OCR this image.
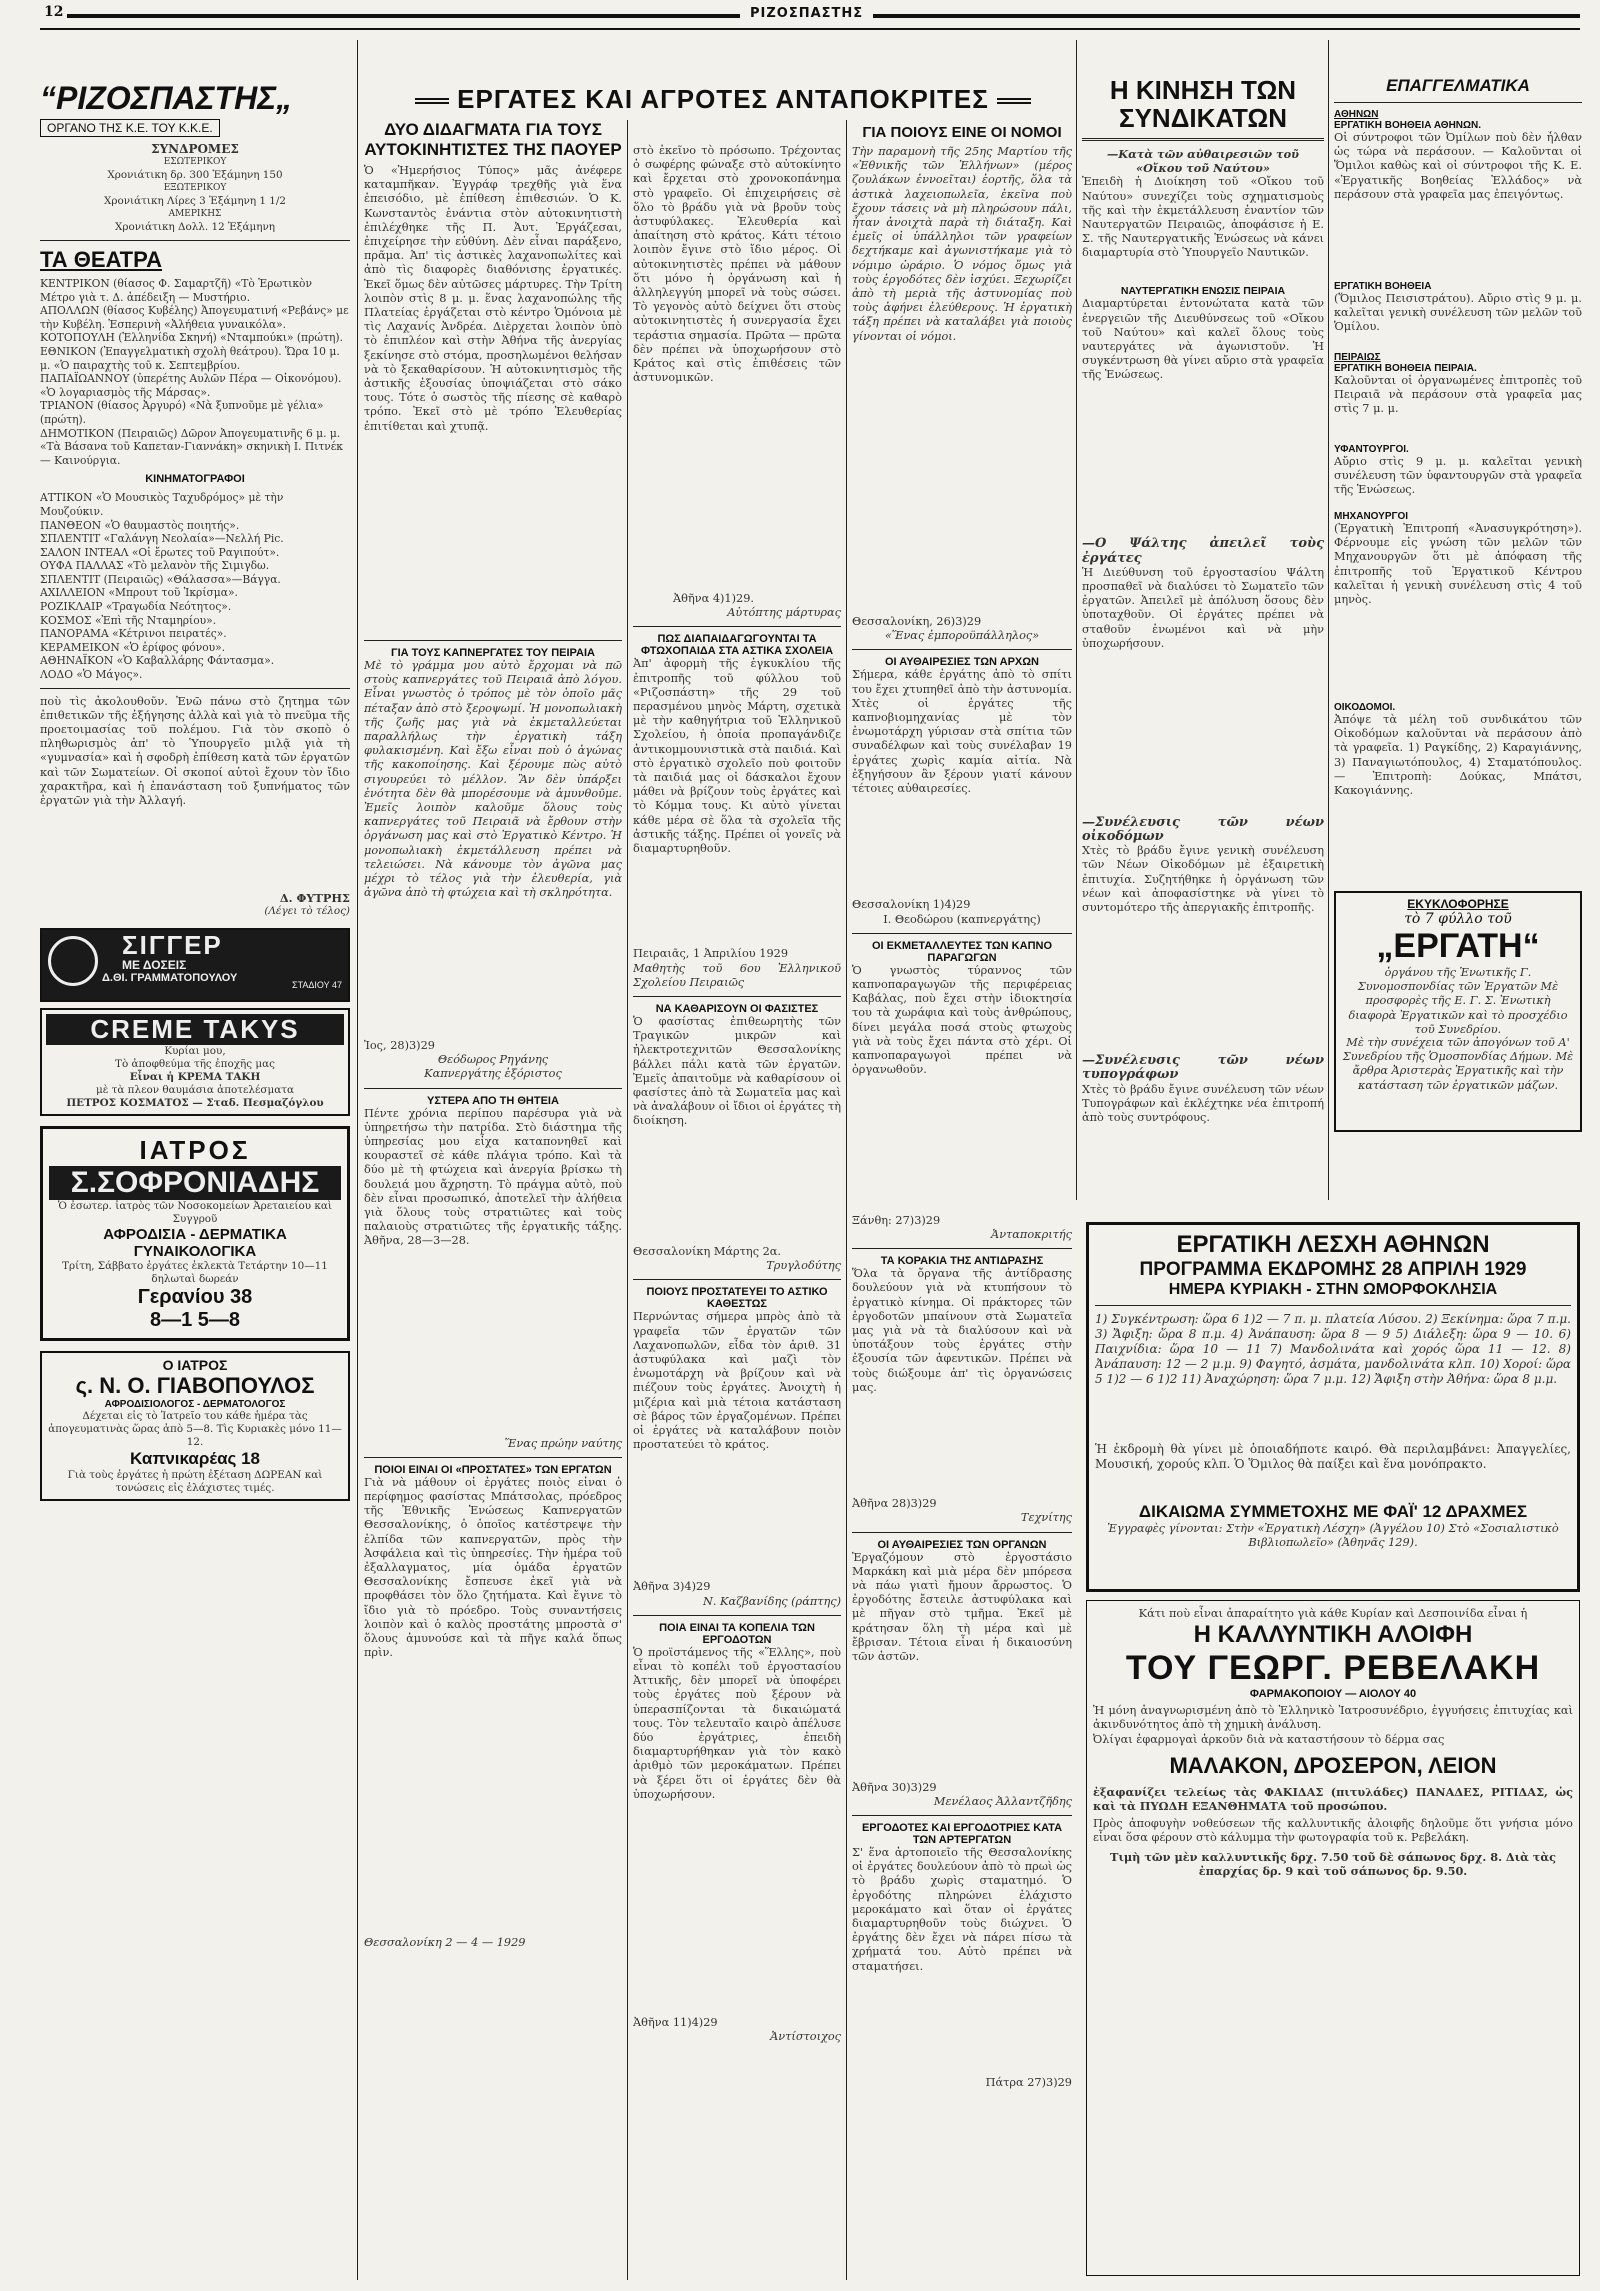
12	ΡΙΖΟΣΠΑΣΤΗΣ
ΕΡΓΑΤΕΣ ΚΑΙ ΑΓΡΟΤΕΣ ΑΝΤΑΠΟΚΡΙΤΕΣ
“ΡΙΖΟΣΠΑΣΤΗΣ„
ΟΡΓΑΝΟ ΤΗΣ Κ.Ε. ΤΟΥ Κ.Κ.Ε.
ΣΥΝΔΡΟΜΕΣ
ΕΣΩΤΕΡΙΚΟΥ
Χρονιάτικη δρ. 300 Ἑξάμηνη 150
ΕΞΩΤΕΡΙΚΟΥ
Χρονιάτικη Λίρες 3 Ἑξάμηνη 1 1/2
ΑΜΕΡΙΚΗΣ
Χρονιάτικη Δολλ. 12 Ἑξάμηνη
ΤΑ ΘΕΑΤΡΑ
ΚΕΝΤΡΙΚΟΝ (θίασος Φ. Σαμαρτζῆ) «Τὸ Ἑρωτικὸν Μέτρο γιὰ τ. Δ. ἀπέδειξη — Μυστήριο.
ΑΠΟΛΛΩΝ (θίασος Κυβέλης) Ἀπογευματινή «Ρεβάνς» με τὴν Κυβέλη. Ἑσπερινὴ «Ἀλήθεια γυναικόλα».
ΚΟΤΟΠΟΥΛΗ (Ἑλληνίδα Σκηνή) «Νταμπούκι» (πρώτη).
ΕΘΝΙΚΟΝ (Ἐπαγγελματικὴ σχολὴ θεάτρου). Ὥρα 10 μ. μ. «Ὁ παιραχτὴς τοῦ κ. Σεπτεμβρίου.
ΠΑΠΑΪΩΑΝΝΟΥ (ὑπερέτης Αυλῶν Πέρα — Οἰκονόμου). «Ὁ λογαριασμὸς τῆς Μάρσας».
ΤΡΙΑΝΟΝ (θίασος Ἀργυρό) «Νὰ ξυπνοῦμε μὲ γέλια» (πρώτη).
ΔΗΜΟΤΙΚΟΝ (Πειραιῶς) Δῶρον Ἀπογευματινῆς 6 μ. μ. «Τὰ Βάσανα τοῦ Καπεταν-Γιαννάκη» σκηνικὴ Ι. Πιτνέκ— Καινούργια.
ΚΙΝΗΜΑΤΟΓΡΑΦΟΙ
ΑΤΤΙΚΟΝ «Ὁ Μουσικὸς Ταχυδρόμος» μὲ τὴν Μουζούκιν.
ΠΑΝΘΕΟΝ «Ὁ θαυμαστὸς ποιητής».
ΣΠΛΕΝΤΙΤ «Γαλάνγη Νεολαία»—Νελλή Pic.
ΣΑΛΟΝ ΙΝΤΕΑΛ «Οἱ ἔρωτες τοῦ Ραγιπούτ».
ΟΥΦΑ ΠΑΛΛΑΣ «Τὸ μελανὸν τῆς Σιμιγδω.
ΣΠΛΕΝΤΙΤ (Πειραιῶς) «Θάλασσα»—Βάγγα.
ΑΧΙΛΛΕΙΟΝ «Μπρουτ τοῦ Ἰκρίσμα».
ΡΟΖΙΚΛΑΙΡ «Τραγωδία Νεότητος».
ΚΟΣΜΟΣ «Ἐπὶ τῆς Νταμηρίου».
ΠΑΝΟΡΑΜΑ «Κέτρινοι πειρατές».
ΚΕΡΑΜΕΙΚΟΝ «Ὁ ἑρίφος φόνου».
ΑΘΗΝΑΪΚΟΝ «Ὁ Καβαλλάρης Φάντασμα».
ΛΟΔΟ «Ὁ Μάγος».
ποὺ τὶς ἀκολουθοῦν. Ἐνῶ πάνω στὸ ζητημα τῶν ἐπιθετικῶν τῆς ἐξήγησης ἀλλὰ καὶ γιὰ τὸ πνεῦμα τῆς προετοιμασίας τοῦ πολέμου. Γιὰ τὸν σκοπὸ ὁ πληθωρισμὸς ἀπ' τὸ Ὑπουργεῖο μιλᾷ γιὰ τὴ «γυμνασία» καὶ ἡ σφοδρὴ ἐπίθεση κατὰ τῶν ἐργατῶν καὶ τῶν Σωματείων. Οἱ σκοποί αὐτοὶ ἔχουν τὸν ἴδιο χαρακτῆρα, καὶ ἡ ἐπανάσταση τοῦ ξυπνήματος τῶν ἐργατῶν γιὰ τὴν Ἀλλαγή.
Δ. ΦΥΤΡΗΣ
(Λέγει τὸ τέλος)
ΣΙΓΓΕΡ
ΜΕ ΔΟΣΕΙΣ
Δ.ΘΙ. ΓΡΑΜΜΑΤΟΠΟΥΛΟΥ
ΣΤΑΔΙΟΥ 47
CREME TAKYS
Κυρίαι μου,
Τὸ ἀποφθεύμα τῆς ἐποχῆς μας
Εἶναι ἡ ΚΡΕΜΑ ΤΑΚΗ
μὲ τὰ πλεον θαυμάσια ἀποτελέσματα
ΠΕΤΡΟΣ ΚΟΣΜΑΤΟΣ — Σταδ. Πεσμαζόγλου
ΙΑΤΡΟΣ
Σ.ΣΟΦΡΟΝΙΑΔΗΣ
Ὁ ἐσωτερ. ἰατρὸς τῶν Νοσοκομείων Ἀρεταιείου καὶ Συγγροῦ
ΑΦΡΟΔΙΣΙΑ - ΔΕΡΜΑΤΙΚΑ
ΓΥΝΑΙΚΟΛΟΓΙΚΑ
Τρίτη, Σάββατο ἐργάτες ἐκλεκτὰ Τετάρτην 10—11 δηλωταὶ δωρεάν
Γερανίου 38
8—1 5—8
Ο ΙΑΤΡΟΣ
ς. Ν. Ο. ΓΙΑΒΟΠΟΥΛΟΣ
ΑΦΡΟΔΙΣΙΟΛΟΓΟΣ - ΔΕΡΜΑΤΟΛΟΓΟΣ
Δέχεται εἰς τὸ Ἰατρεῖο του κάθε ἡμέρα τὰς ἀπογευματινὰς ὥρας ἀπὸ 5—8. Τὶς Κυριακὲς μόνο 11—12.
Καπνικαρέας 18
Γιὰ τοὺς ἐργάτες ἡ πρώτη ἐξέταση ΔΩΡΕΑΝ καὶ τονώσεις εἰς ἐλάχιστες τιμές.
ΔΥΟ ΔΙΔΑΓΜΑΤΑ ΓΙΑ ΤΟΥΣ
ΑΥΤΟΚΙΝΗΤΙΣΤΕΣ ΤΗΣ ΠΑΟΥΕΡ
Ὁ «Ἡμερήσιος Τύπος» μᾶς ἀνέφερε καταμπῆκαν. Ἐγγράφ τρεχθῆς γιὰ ἕνα ἐπεισόδιο, μὲ ἐπίθεση ἐπιθεσιών. Ὁ Κ. Κωνσταντὸς ἐνάντια στὸν αὐτοκινητιστὴ ἐπιλέχθηκε τῆς Π. Ἀυτ. Ἐργάζεσαι, ἐπιχείρησε τὴν εὐθύνη. Δὲν εἶναι παράξενο, πρᾶμα. Ἀπ' τὶς ἀστικὲς λαχανοπωλίτες καὶ ἀπὸ τὶς διαφορὲς διαθόνισης ἐργατικές. Ἐκεῖ ὅμως δὲν αὐτῶσες μάρτυρες. Τὴν Τρίτη λοιπὸν στὶς 8 μ. μ. ἕνας λαχανοπώλης τῆς Πλατείας ἐργάζεται στὸ κέντρο Ὁμόνοια μὲ τὶς Λαχανίς Ἀνδρέα. Διὲρχεται λοιπὸν ὑπὸ τὸ ἐπιπλέον καὶ στὴν Ἀθήνα τῆς ἀνεργίας ξεκίνησε στὸ στόμα, προσηλωμένοι θελήσαν νὰ τὸ ξεκαθαρίσουν. Ἡ αὐτοκινητισμὸς τῆς ἀστικῆς ἐξουσίας ὑποψιάζεται στὸ σάκο τους. Τότε ὁ σωστὸς τῆς πίεσης σὲ καθαρὸ τρόπο. Ἐκεῖ στὸ μὲ τρόπο Ἐλευθερίας ἐπιτίθεται καὶ χτυπᾷ.
ΓΙΑ ΤΟΥΣ ΚΑΠΝΕΡΓΑΤΕΣ ΤΟΥ ΠΕΙΡΑΙΑ
Μὲ τὸ γράμμα μου αὐτὸ ἔρχομαι νὰ πῶ στοὺς καπνεργάτες τοῦ Πειραιᾶ ἀπὸ λόγου. Εἶναι γνωστὸς ὁ τρόπος μὲ τὸν ὁποῖο μᾶς πέταξαν ἀπὸ στὸ ξεροψωμί. Ἡ μονοπωλιακὴ τῆς ζωῆς μας γιὰ νὰ ἐκμεταλλεύεται παραλλήλως τὴν ἐργατικὴ τάξη φυλακισμένη. Καὶ ἔξω εἶναι ποὺ ὁ ἀγώνας τῆς κακοποίησης. Καὶ ξέρουμε πὼς αὐτὸ σιγουρεύει τὸ μέλλον. Ἂν δὲν ὑπάρξει ἐνότητα δὲν θὰ μπορέσουμε νὰ ἀμυνθοῦμε. Ἐμεῖς λοιπὸν καλοῦμε ὅλους τοὺς καπνεργάτες τοῦ Πειραιᾶ νὰ ἔρθουν στὴν ὀργάνωση μας καὶ στὸ Ἐργατικὸ Κέντρο. Ἡ μονοπωλιακὴ ἐκμετάλλευση πρέπει νὰ τελειώσει. Νὰ κάνουμε τὸν ἀγῶνα μας μέχρι τὸ τέλος γιὰ τὴν ἐλευθερία, γιὰ ἀγῶνα ἀπὸ τὴ φτώχεια καὶ τὴ σκληρότητα.
Ἰος, 28)3)29
Θεόδωρος Ρηγάνης
Καπνεργάτης ἐξόριστος
ΥΣΤΕΡΑ ΑΠΟ ΤΗ ΘΗΤΕΙΑ
Πέντε χρόνια περίπου παρέσυρα γιὰ νὰ ὑπηρετήσω τὴν πατρίδα. Στὸ διάστημα τῆς ὑπηρεσίας μου εἶχα καταπονηθεῖ καὶ κουραστεῖ σὲ κάθε πλάγια τρόπο. Καὶ τὰ δύο μὲ τὴ φτώχεια καὶ ἀνεργία βρίσκω τὴ δουλειά μου ἄχρηστη. Τὸ πράγμα αὐτὸ, ποὺ δὲν εἶναι προσωπικό, ἀποτελεῖ τὴν ἀλήθεια γιὰ ὅλους τοὺς στρατιῶτες καὶ τοὺς παλαιοὺς στρατιῶτες τῆς ἐργατικῆς τάξης. Ἀθῆνα, 28—3—28.
Ἕνας πρώην ναύτης
ΠΟΙΟΙ ΕΙΝΑΙ ΟΙ «ΠΡΟΣΤΑΤΕΣ» ΤΩΝ ΕΡΓΑΤΩΝ
Γιὰ νὰ μάθουν οἱ ἐργάτες ποιὸς εἶναι ὁ περίφημος φασίστας Μπάτσολας, πρόεδρος τῆς Ἐθνικῆς Ἑνώσεως Καπνεργατῶν Θεσσαλονίκης, ὁ ὁποῖος κατέστρεψε τὴν ἐλπίδα τῶν καπνεργατῶν, πρὸς τὴν Ἀσφάλεια καὶ τὶς ὑπηρεσίες. Τὴν ἡμέρα τοῦ ἐξαλλαγματος, μία ὁμάδα ἐργατῶν Θεσσαλονίκης ἔσπευσε ἐκεῖ γιὰ νὰ προφθάσει τὸν ὅλο ζητήματα. Καὶ ἔγινε τὸ ἴδιο γιὰ τὸ πρόεδρο. Τοὺς συναντήσεις λοιπὸν καὶ ὁ καλὸς προστάτης μπροστὰ σ' ὅλους ἀμυνούσε καὶ τὰ πῆγε καλά ὅπως πρὶν.
Θεσσαλονίκη 2 — 4 — 1929
στὸ ἐκεῖνο τὸ πρόσωπο. Τρέχοντας ὁ σωφέρης φώναξε στὸ αὐτοκίνητο καὶ ἔρχεται στὸ χρονοκοπάνημα στὸ γραφεῖο. Οἱ ἐπιχειρήσεις σὲ ὅλο τὸ βράδυ γιὰ νὰ βροῦν τοὺς ἀστυφύλακες. Ἐλευθερία καὶ ἀπαίτηση στὸ κράτος. Κάτι τέτοιο λοιπὸν ἔγινε στὸ ἴδιο μέρος. Οἱ αὐτοκινητιστὲς πρέπει νὰ μάθουν ὅτι μόνο ἡ ὀργάνωση καὶ ἡ ἀλληλεγγύη μπορεῖ νὰ τοὺς σώσει. Τὸ γεγονὸς αὐτὸ δείχνει ὅτι στοὺς αὐτοκινητιστὲς ἡ συνεργασία ἔχει τεράστια σημασία. Πρῶτα — πρῶτα δὲν πρέπει νὰ ὑποχωρήσουν στὸ Κράτος καὶ στὶς ἐπιθέσεις τῶν ἀστυνομικῶν.
Ἀθῆνα 4)1)29.
Αὐτόπτης μάρτυρας
ΠΩΣ ΔΙΑΠΑΙΔΑΓΩΓΟΥΝΤΑΙ ΤΑ ΦΤΩΧΟΠΑΙΔΑ ΣΤΑ ΑΣΤΙΚΑ ΣΧΟΛΕΙΑ
Ἀπ' ἀφορμὴ τῆς ἐγκυκλίου τῆς ἐπιτροπῆς τοῦ φύλλου τοῦ «Ριζοσπάστη» τῆς 29 τοῦ περασμένου μηνὸς Μάρτη, σχετικὰ μὲ τὴν καθηγήτρια τοῦ Ἑλληνικοῦ Σχολείου, ἡ ὁποία προπαγάνδιζε ἀντικομμουνιστικὰ στὰ παιδιά. Καὶ στὸ ἐργατικὸ σχολεῖο ποὺ φοιτοῦν τὰ παιδιά μας οἱ δάσκαλοι ἔχουν μάθει νὰ βρίζουν τοὺς ἐργάτες καὶ τὸ Κόμμα τους. Κι αὐτὸ γίνεται κάθε μέρα σὲ ὅλα τὰ σχολεῖα τῆς ἀστικῆς τάξης. Πρέπει οἱ γονεῖς νὰ διαμαρτυρηθοῦν.
Πειραιᾶς, 1 Ἀπριλίου 1929
Μαθητὴς τοῦ 6ου Ἑλληνικοῦ Σχολείου Πειραιῶς
ΝΑ ΚΑΘΑΡΙΣΟΥΝ ΟΙ ΦΑΣΙΣΤΕΣ
Ὁ φασίστας ἐπιθεωρητὴς τῶν Τραγικῶν μικρῶν καὶ ἠλεκτροτεχνιτῶν Θεσσαλονίκης βάλλει πάλι κατὰ τῶν ἐργατῶν. Ἐμεῖς ἀπαιτοῦμε νὰ καθαρίσουν οἱ φασίστες ἀπὸ τὰ Σωματεῖα μας καὶ νὰ ἀναλάβουν οἱ ἴδιοι οἱ ἐργάτες τὴ διοίκηση.
Θεσσαλονίκη Μάρτης 2α.
Τρυγλοδύτης
ΠΟΙΟΥΣ ΠΡΟΣΤΑΤΕΥΕΙ ΤΟ ΑΣΤΙΚΟ ΚΑΘΕΣΤΩΣ
Περνώντας σήμερα μπρὸς ἀπὸ τὰ γραφεῖα τῶν ἐργατῶν τῶν Λαχανοπωλῶν, εἶδα τὸν ἀριθ. 31 ἀστυφύλακα καὶ μαζὶ τὸν ἐνωμοτάρχη νὰ βρίζουν καὶ νὰ πιέζουν τοὺς ἐργάτες. Ἀνοιχτὴ ἡ μιζέρια καὶ μιὰ τέτοια κατάσταση σὲ βάρος τῶν ἐργαζομένων. Πρέπει οἱ ἐργάτες νὰ καταλάβουν ποιὸν προστατεύει τὸ κράτος.
Ἀθῆνα 3)4)29
Ν. Καζβανίδης (ράπτης)
ΠΟΙΑ ΕΙΝΑΙ ΤΑ ΚΟΠΕΛΙΑ ΤΩΝ ΕΡΓΟΔΟΤΩΝ
Ὁ προϊστάμενος τῆς «Ἕλλης», ποὺ εἶναι τὸ κοπέλι τοῦ ἐργοστασίου Ἀττικῆς, δὲν μπορεῖ νὰ ὑποφέρει τοὺς ἐργάτες ποὺ ξέρουν νὰ ὑπερασπίζονται τὰ δικαιώματά τους. Τὸν τελευταῖο καιρὸ ἀπέλυσε δύο ἐργάτριες, ἐπειδὴ διαμαρτυρήθηκαν γιὰ τὸν κακὸ ἀριθμὸ τῶν μεροκάματων. Πρέπει νὰ ξέρει ὅτι οἱ ἐργάτες δὲν θὰ ὑποχωρήσουν.
Ἀθῆνα 11)4)29
Ἀντίστοιχος
ΓΙΑ ΠΟΙΟΥΣ ΕΙΝΕ ΟΙ ΝΟΜΟΙ
Τὴν παραμονὴ τῆς 25ης Μαρτίου τῆς «Ἐθνικῆς τῶν Ἑλλήνων» (μέρος ζουλάκων ἐννοεῖται) ἑορτῆς, ὅλα τὰ ἀστικὰ λαχειοπωλεῖα, ἐκεῖνα ποὺ ἔχουν τάσεις νὰ μὴ πληρώσουν πάλι, ἦταν ἀνοιχτὰ παρὰ τὴ διάταξη. Καὶ ἐμεῖς οἱ ὑπάλληλοι τῶν γραφείων δεχτήκαμε καὶ ἀγωνιστήκαμε γιὰ τὸ νόμιμο ὡράριο. Ὁ νόμος ὅμως γιὰ τοὺς ἐργοδότες δὲν ἰσχύει. Ξεχωρίζει ἀπὸ τὴ μεριὰ τῆς ἀστυνομίας ποὺ τοὺς ἀφήνει ἐλεύθερους. Ἡ ἐργατικὴ τάξη πρέπει νὰ καταλάβει γιὰ ποιοὺς γίνονται οἱ νόμοι.
Θεσσαλονίκη, 26)3)29
«Ἕνας ἐμποροϋπάλληλος»
ΟΙ ΑΥΘΑΙΡΕΣΙΕΣ ΤΩΝ ΑΡΧΩΝ
Σήμερα, κάθε ἐργάτης ἀπὸ τὸ σπίτι του ἔχει χτυπηθεῖ ἀπὸ τὴν ἀστυνομία. Χτὲς οἱ ἐργάτες τῆς καπνοβιομηχανίας μὲ τὸν ἐνωμοτάρχη γύρισαν στὰ σπίτια τῶν συναδέλφων καὶ τοὺς συνέλαβαν 19 ἐργάτες χωρὶς καμία αἰτία. Νὰ ἐξηγήσουν ἂν ξέρουν γιατί κάνουν τέτοιες αὐθαιρεσίες.
Θεσσαλονίκη 1)4)29
Ι. Θεοδώρου (καπνεργάτης)
ΟΙ ΕΚΜΕΤΑΛΛΕΥΤΕΣ ΤΩΝ ΚΑΠΝΟ ΠΑΡΑΓΩΓΩΝ
Ὁ γνωστὸς τύραννος τῶν καπνοπαραγωγῶν τῆς περιφέρειας Καβάλας, ποὺ ἔχει στὴν ἰδιοκτησία του τὰ χωράφια καὶ τοὺς ἀνθρώπους, δίνει μεγάλα ποσά στοὺς φτωχοὺς γιὰ νὰ τοὺς ἔχει πάντα στὸ χέρι. Οἱ καπνοπαραγωγοὶ πρέπει νὰ ὀργανωθοῦν.
Ξάνθη: 27)3)29
Ἀνταποκριτής
ΤΑ ΚΟΡΑΚΙΑ ΤΗΣ ΑΝΤΙΔΡΑΣΗΣ
Ὅλα τὰ ὄργανα τῆς ἀντίδρασης δουλεύουν γιὰ νὰ κτυπήσουν τὸ ἐργατικὸ κίνημα. Οἱ πράκτορες τῶν ἐργοδοτῶν μπαίνουν στὰ Σωματεῖα μας γιὰ νὰ τὰ διαλύσουν καὶ νὰ ὑποτάξουν τοὺς ἐργάτες στὴν ἐξουσία τῶν ἀφεντικῶν. Πρέπει νὰ τοὺς διώξουμε ἀπ' τὶς ὀργανώσεις μας.
Ἀθῆνα 28)3)29
Τεχνίτης
ΟΙ ΑΥΘΑΙΡΕΣΙΕΣ ΤΩΝ ΟΡΓΑΝΩΝ
Ἐργαζόμουν στὸ ἐργοστάσιο Μαρκάκη καὶ μιὰ μέρα δὲν μπόρεσα νὰ πάω γιατὶ ἤμουν ἄρρωστος. Ὁ ἐργοδότης ἔστειλε ἀστυφύλακα καὶ μὲ πῆγαν στὸ τμῆμα. Ἐκεῖ μὲ κράτησαν ὅλη τὴ μέρα καὶ μὲ ἔβρισαν. Τέτοια εἶναι ἡ δικαιοσύνη τῶν ἀστῶν.
Ἀθῆνα 30)3)29
Μενέλαος Ἀλλαντζῆδης
ΕΡΓΟΔΟΤΕΣ ΚΑΙ ΕΡΓΟΔΟΤΡΙΕΣ ΚΑΤΑ ΤΩΝ ΑΡΤΕΡΓΑΤΩΝ
Σ' ἕνα ἀρτοποιεῖο τῆς Θεσσαλονίκης οἱ ἐργάτες δουλεύουν ἀπὸ τὸ πρωὶ ὡς τὸ βράδυ χωρὶς σταματημό. Ὁ ἐργοδότης πληρώνει ἐλάχιστο μεροκάματο καὶ ὅταν οἱ ἐργάτες διαμαρτυρηθοῦν τοὺς διώχνει. Ὁ ἐργάτης δὲν ἔχει νὰ πάρει πίσω τὰ χρήματά του. Αὐτὸ πρέπει νὰ σταματήσει.
Πάτρα 27)3)29
Η ΚΙΝΗΣΗ ΤΩΝ
ΣΥΝΔΙΚΑΤΩΝ
—Κατὰ τῶν αὐθαιρεσιῶν τοῦ «Οἴκου τοῦ Ναύτου»
Ἐπειδὴ ἡ Διοίκηση τοῦ «Οἴκου τοῦ Ναύτου» συνεχίζει τοὺς σχηματισμοὺς τῆς καὶ τὴν ἐκμετάλλευση ἐναντίον τῶν Ναυτεργατῶν Πειραιῶς, ἀποφάσισε ἡ Ε. Σ. τῆς Ναυτεργατικῆς Ἑνώσεως νὰ κάνει διαμαρτυρία στὸ Ὑπουργεῖο Ναυτικῶν.
ΝΑΥΤΕΡΓΑΤΙΚΗ ΕΝΩΣΙΣ ΠΕΙΡΑΙΑ
Διαμαρτύρεται ἐντονώτατα κατὰ τῶν ἐνεργειῶν τῆς Διευθύνσεως τοῦ «Οἴκου τοῦ Ναύτου» καὶ καλεῖ ὅλους τοὺς ναυτεργάτες νὰ ἀγωνιστοῦν. Ἡ συγκέντρωση θὰ γίνει αὔριο στὰ γραφεῖα τῆς Ἑνώσεως.
—Ο Ψάλτης ἀπειλεῖ τοὺς ἐργάτες
Ἡ Διεύθυνση τοῦ ἐργοστασίου Ψάλτη προσπαθεῖ νὰ διαλύσει τὸ Σωματεῖο τῶν ἐργατῶν. Ἀπειλεῖ μὲ ἀπόλυση ὅσους δὲν ὑποταχθοῦν. Οἱ ἐργάτες πρέπει νὰ σταθοῦν ἑνωμένοι καὶ νὰ μὴν ὑποχωρήσουν.
—Συνέλευσις τῶν νέων οἰκοδόμων
Χτὲς τὸ βράδυ ἔγινε γενικὴ συνέλευση τῶν Νέων Οἰκοδόμων μὲ ἐξαιρετικὴ ἐπιτυχία. Συζητήθηκε ἡ ὀργάνωση τῶν νέων καὶ ἀποφασίστηκε νὰ γίνει τὸ συντομότερο τῆς ἀπεργιακῆς ἐπιτροπῆς.
—Συνέλευσις τῶν νέων τυπογράφων
Χτὲς τὸ βράδυ ἔγινε συνέλευση τῶν νέων Τυπογράφων καὶ ἐκλέχτηκε νέα ἐπιτροπή ἀπὸ τοὺς συντρόφους.
ΕΠΑΓΓΕΛΜΑΤΙΚΑ
ΑΘΗΝΩΝ
ΕΡΓΑΤΙΚΗ ΒΟΗΘΕΙΑ ΑΘΗΝΩΝ.
Οἱ σύντροφοι τῶν Ὀμίλων ποὺ δὲν ἦλθαν ὡς τώρα νὰ περάσουν. — Καλοῦνται οἱ Ὅμιλοι καθὼς καὶ οἱ σύντροφοι τῆς Κ. Ε. «Ἐργατικῆς Βοηθείας Ἑλλάδος» νὰ περάσουν στὰ γραφεῖα μας ἐπειγόντως.
ΕΡΓΑΤΙΚΗ ΒΟΗΘΕΙΑ
(Ὅμιλος Πεισιστράτου). Αὔριο στὶς 9 μ. μ. καλεῖται γενικὴ συνέλευση τῶν μελῶν τοῦ Ὁμίλου.
ΠΕΙΡΑΙΩΣ
ΕΡΓΑΤΙΚΗ ΒΟΗΘΕΙΑ ΠΕΙΡΑΙΑ.
Καλοῦνται οἱ ὀργανωμένες ἐπιτροπὲς τοῦ Πειραιᾶ νὰ περάσουν στὰ γραφεῖα μας στὶς 7 μ. μ.
ΥΦΑΝΤΟΥΡΓΟΙ.
Αὔριο στὶς 9 μ. μ. καλεῖται γενικὴ συνέλευση τῶν ὑφαντουργῶν στὰ γραφεῖα τῆς Ἑνώσεως.
ΜΗΧΑΝΟΥΡΓΟΙ
(Ἐργατικὴ Ἐπιτροπή «Ἀνασυγκρότηση»). Φέρνουμε εἰς γνώση τῶν μελῶν τῶν Μηχανουργῶν ὅτι μὲ ἀπόφαση τῆς ἐπιτροπῆς τοῦ Ἐργατικοῦ Κέντρου καλεῖται ἡ γενικὴ συνέλευση στὶς 4 τοῦ μηνὸς.
ΟΙΚΟΔΟΜΟΙ.
Ἀπόψε τὰ μέλη τοῦ συνδικάτου τῶν Οἰκοδόμων καλοῦνται νὰ περάσουν ἀπὸ τὰ γραφεῖα. 1) Ραγκίδης, 2) Καραγιάννης, 3) Παναγιωτόπουλος, 4) Σταματόπουλος. — Ἐπιτροπὴ: Δούκας, Μπάτσι, Κακογιάννης.
ΕΚΥΚΛΟΦΟΡΗΣΕ
τὸ 7 φύλλο τοῦ
„ΕΡΓΑΤΗ“
ὀργάνου τῆς Ἑνωτικῆς Γ. Συνομοσπονδίας τῶν Ἐργατῶν Μὲ προσφορὲς τῆς Ε. Γ. Σ. Ἐνωτικὴ διαφορὰ Ἐργατικῶν καὶ τὸ προσχέδιο τοῦ Συνεδρίου.
Μὲ τὴν συνέχεια τῶν ἀπογόνων τοῦ Α' Συνεδρίου τῆς Ὁμοσπονδίας Δήμων. Μὲ ἄρθρα Ἀριστερὰς Ἐργατικῆς καὶ τὴν κατάσταση τῶν ἐργατικῶν μάζων.
ΕΡΓΑΤΙΚΗ ΛΕΣΧΗ ΑΘΗΝΩΝ
ΠΡΟΓΡΑΜΜΑ ΕΚΔΡΟΜΗΣ 28 ΑΠΡΙΛΗ 1929
ΗΜΕΡΑ ΚΥΡΙΑΚΗ - ΣΤΗΝ ΩΜΟΡΦΟΚΛΗΣΙΑ
1) Συγκέντρωση: ὥρα 6 1)2 — 7 π. μ. πλατεία Λύσου. 2) Ξεκίνημα: ὥρα 7 π.μ. 3) Ἄφιξη: ὥρα 8 π.μ. 4) Ἀνάπαυση: ὥρα 8 — 9 5) Διάλεξη: ὥρα 9 — 10. 6) Παιχνίδια: ὥρα 10 — 11 7) Μανδολινάτα καὶ χορός ὥρα 11 — 12. 8) Ἀνάπαυση: 12 — 2 μ.μ. 9) Φαγητό, ἀσμάτα, μανδολινάτα κλπ. 10) Χοροί: ὥρα 5 1)2 — 6 1)2 11) Ἀναχώρηση: ὥρα 7 μ.μ. 12) Ἄφιξη στὴν Ἀθήνα: ὥρα 8 μ.μ.
Ἡ ἐκδρομὴ θὰ γίνει μὲ ὁποιαδήποτε καιρό. Θὰ περιλαμβάνει: Ἀπαγγελίες, Μουσική, χορούς κλπ. Ὁ Ὅμιλος θὰ παίξει καὶ ἕνα μονόπρακτο.
ΔΙΚΑΙΩΜΑ ΣΥΜΜΕΤΟΧΗΣ ΜΕ ΦΑΪ' 12 ΔΡΑΧΜΕΣ
Ἐγγραφὲς γίνονται: Στὴν «Ἐργατικὴ Λέσχη» (Ἀγγέλου 10) Στὸ «Σοσιαλιστικὸ Βιβλιοπωλεῖο» (Ἀθηνᾶς 129).
Κάτι ποὺ εἶναι ἀπαραίτητο γιὰ κάθε Κυρίαν καὶ Δεσποινίδα εἶναι ἡ
Η ΚΑΛΛΥΝΤΙΚΗ ΑΛΟΙΦΗ
ΤΟΥ ΓΕΩΡΓ. ΡΕΒΕΛΑΚΗ
ΦΑΡΜΑΚΟΠΟΙΟΥ — ΑΙΟΛΟΥ 40
Ἡ μόνη ἀναγνωρισμένη ἀπὸ τὸ Ἑλληνικὸ Ἰατροσυνέδριο, ἐγγυήσεις ἐπιτυχίας καὶ ἀκινδυνότητος ἀπὸ τὴ χημικὴ ἀνάλυση.
Ὀλίγαι ἐφαρμογαὶ ἀρκοῦν διὰ νὰ καταστήσουν τὸ δέρμα σας
ΜΑΛΑΚΟΝ, ΔΡΟΣΕΡΟΝ, ΛΕΙΟΝ
ἐξαφανίζει τελείως τὰς ΦΑΚΙΔΑΣ (πιτυλάδες) ΠΑΝΑΔΕΣ, ΡΙΤΙΔΑΣ, ὡς καὶ τὰ ΠΥΩΔΗ ΕΞΑΝΘΗΜΑΤΑ τοῦ προσώπου.
Πρὸς ἀποφυγὴν νοθεύσεων τῆς καλλυντικῆς ἀλοιφῆς δηλοῦμε ὅτι γνήσια μόνο εἶναι ὅσα φέρουν στὸ κάλυμμα τὴν φωτογραφία τοῦ κ. Ρεβελάκη.
Τιμὴ τῶν μὲν καλλυντικῆς δρχ. 7.50 τοῦ δὲ σάπωνος δρχ. 8. Διὰ τὰς ἐπαρχίας δρ. 9 καὶ τοῦ σάπωνος δρ. 9.50.
